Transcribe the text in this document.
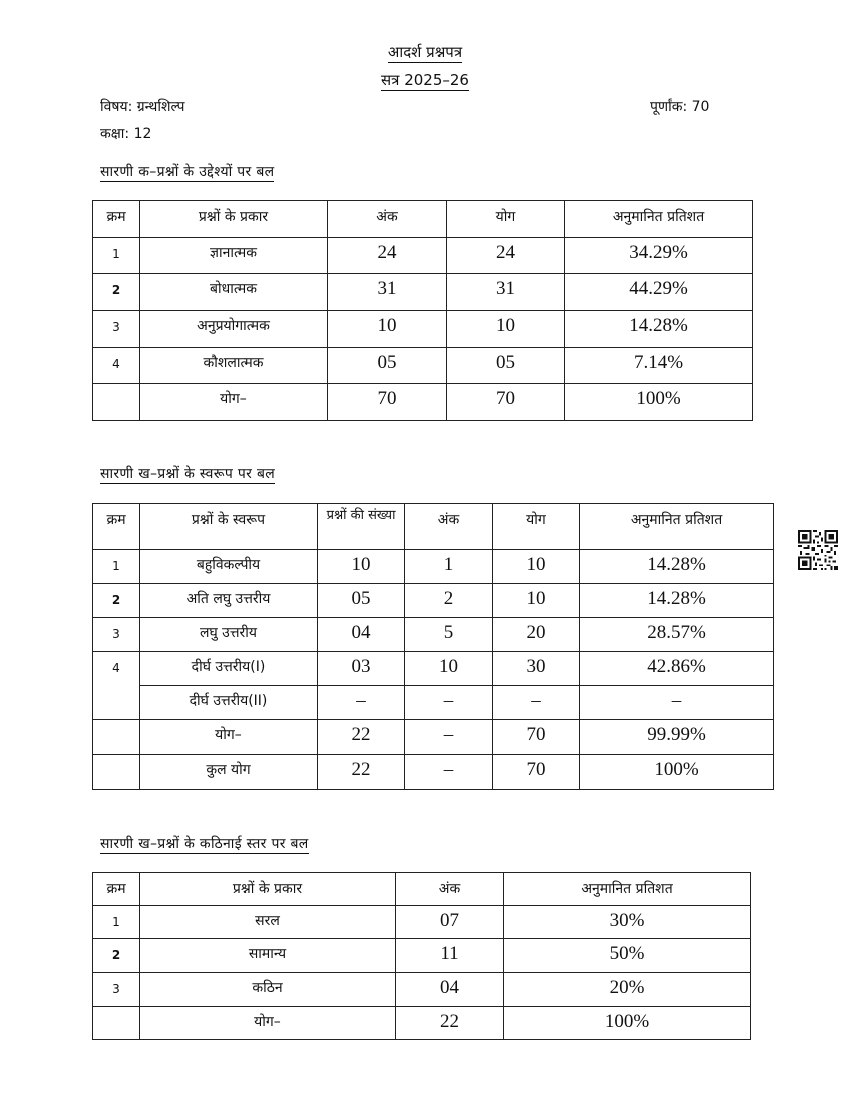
आदर्श प्रश्नपत्र
सत्र 2025–26
विषय: ग्रन्थशिल्प	पूर्णांक: 70
कक्षा: 12
सारणी क–प्रश्नों के उद्देश्यों पर बल
क्रम	प्रश्नों के प्रकार	अंक	योग	अनुमानित प्रतिशत
1	ज्ञानात्मक	24	24	34.29%
2	बोधात्मक	31	31	44.29%
3	अनुप्रयोगात्मक	10	10	14.28%
4	कौशलात्मक	05	05	7.14%
	योग–	70	70	100%
सारणी ख–प्रश्नों के स्वरूप पर बल
क्रम	प्रश्नों के स्वरूप	प्रश्नों की संख्या	अंक	योग	अनुमानित प्रतिशत
1	बहुविकल्पीय	10	1	10	14.28%
2	अति लघु उत्तरीय	05	2	10	14.28%
3	लघु उत्तरीय	04	5	20	28.57%
4	दीर्घ उत्तरीय(I)	03	10	30	42.86%
	दीर्घ उत्तरीय(II)	–	–	–	–
	योग–	22	–	70	99.99%
	कुल योग	22	–	70	100%
सारणी ख–प्रश्नों के कठिनाई स्तर पर बल
क्रम	प्रश्नों के प्रकार	अंक	अनुमानित प्रतिशत
1	सरल	07	30%
2	सामान्य	11	50%
3	कठिन	04	20%
	योग–	22	100%
